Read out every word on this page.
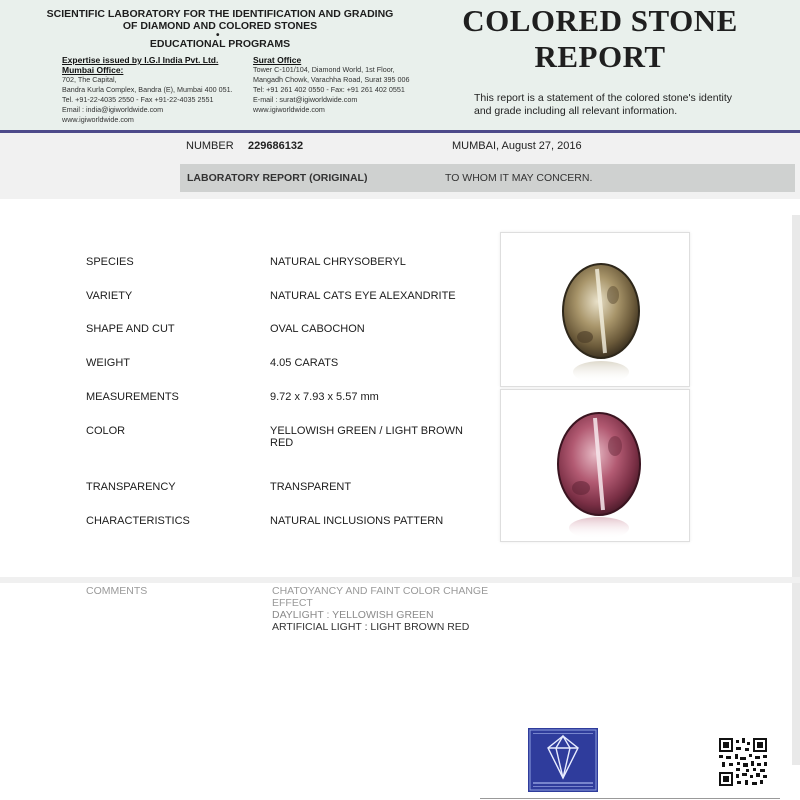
SCIENTIFIC LABORATORY FOR THE IDENTIFICATION AND GRADING
OF DIAMOND AND COLORED STONES
•
EDUCATIONAL PROGRAMS
Expertise issued by I.G.I India Pvt. Ltd.
Mumbai Office:
702, The Capital,
Bandra Kurla Complex, Bandra (E), Mumbai 400 051.
Tel. +91-22-4035 2550 - Fax +91-22-4035 2551
Email : india@igiworldwide.com
www.igiworldwide.com
Surat Office
Tower C-101/104, Diamond World, 1st Floor,
Mangadh Chowk, Varachha Road, Surat 395 006
Tel: +91 261 402 0550 - Fax: +91 261 402 0551
E-mail : surat@igiworldwide.com
www.igiworldwide.com
COLORED STONE
REPORT
This report is a statement of the colored stone's identity and grade including all relevant information.
NUMBER 229686132	MUMBAI, August 27, 2016
LABORATORY REPORT (ORIGINAL)	TO WHOM IT MAY CONCERN.
SPECIES	NATURAL CHRYSOBERYL
VARIETY	NATURAL CATS EYE ALEXANDRITE
SHAPE AND CUT	OVAL CABOCHON
WEIGHT	4.05 CARATS
MEASUREMENTS	9.72 x 7.93 x 5.57 mm
COLOR	YELLOWISH GREEN / LIGHT BROWN RED
TRANSPARENCY	TRANSPARENT
CHARACTERISTICS	NATURAL INCLUSIONS PATTERN
COMMENTS	CHATOYANCY AND FAINT COLOR CHANGE
EFFECT
DAYLIGHT : YELLOWISH GREEN
ARTIFICIAL LIGHT : LIGHT BROWN RED
